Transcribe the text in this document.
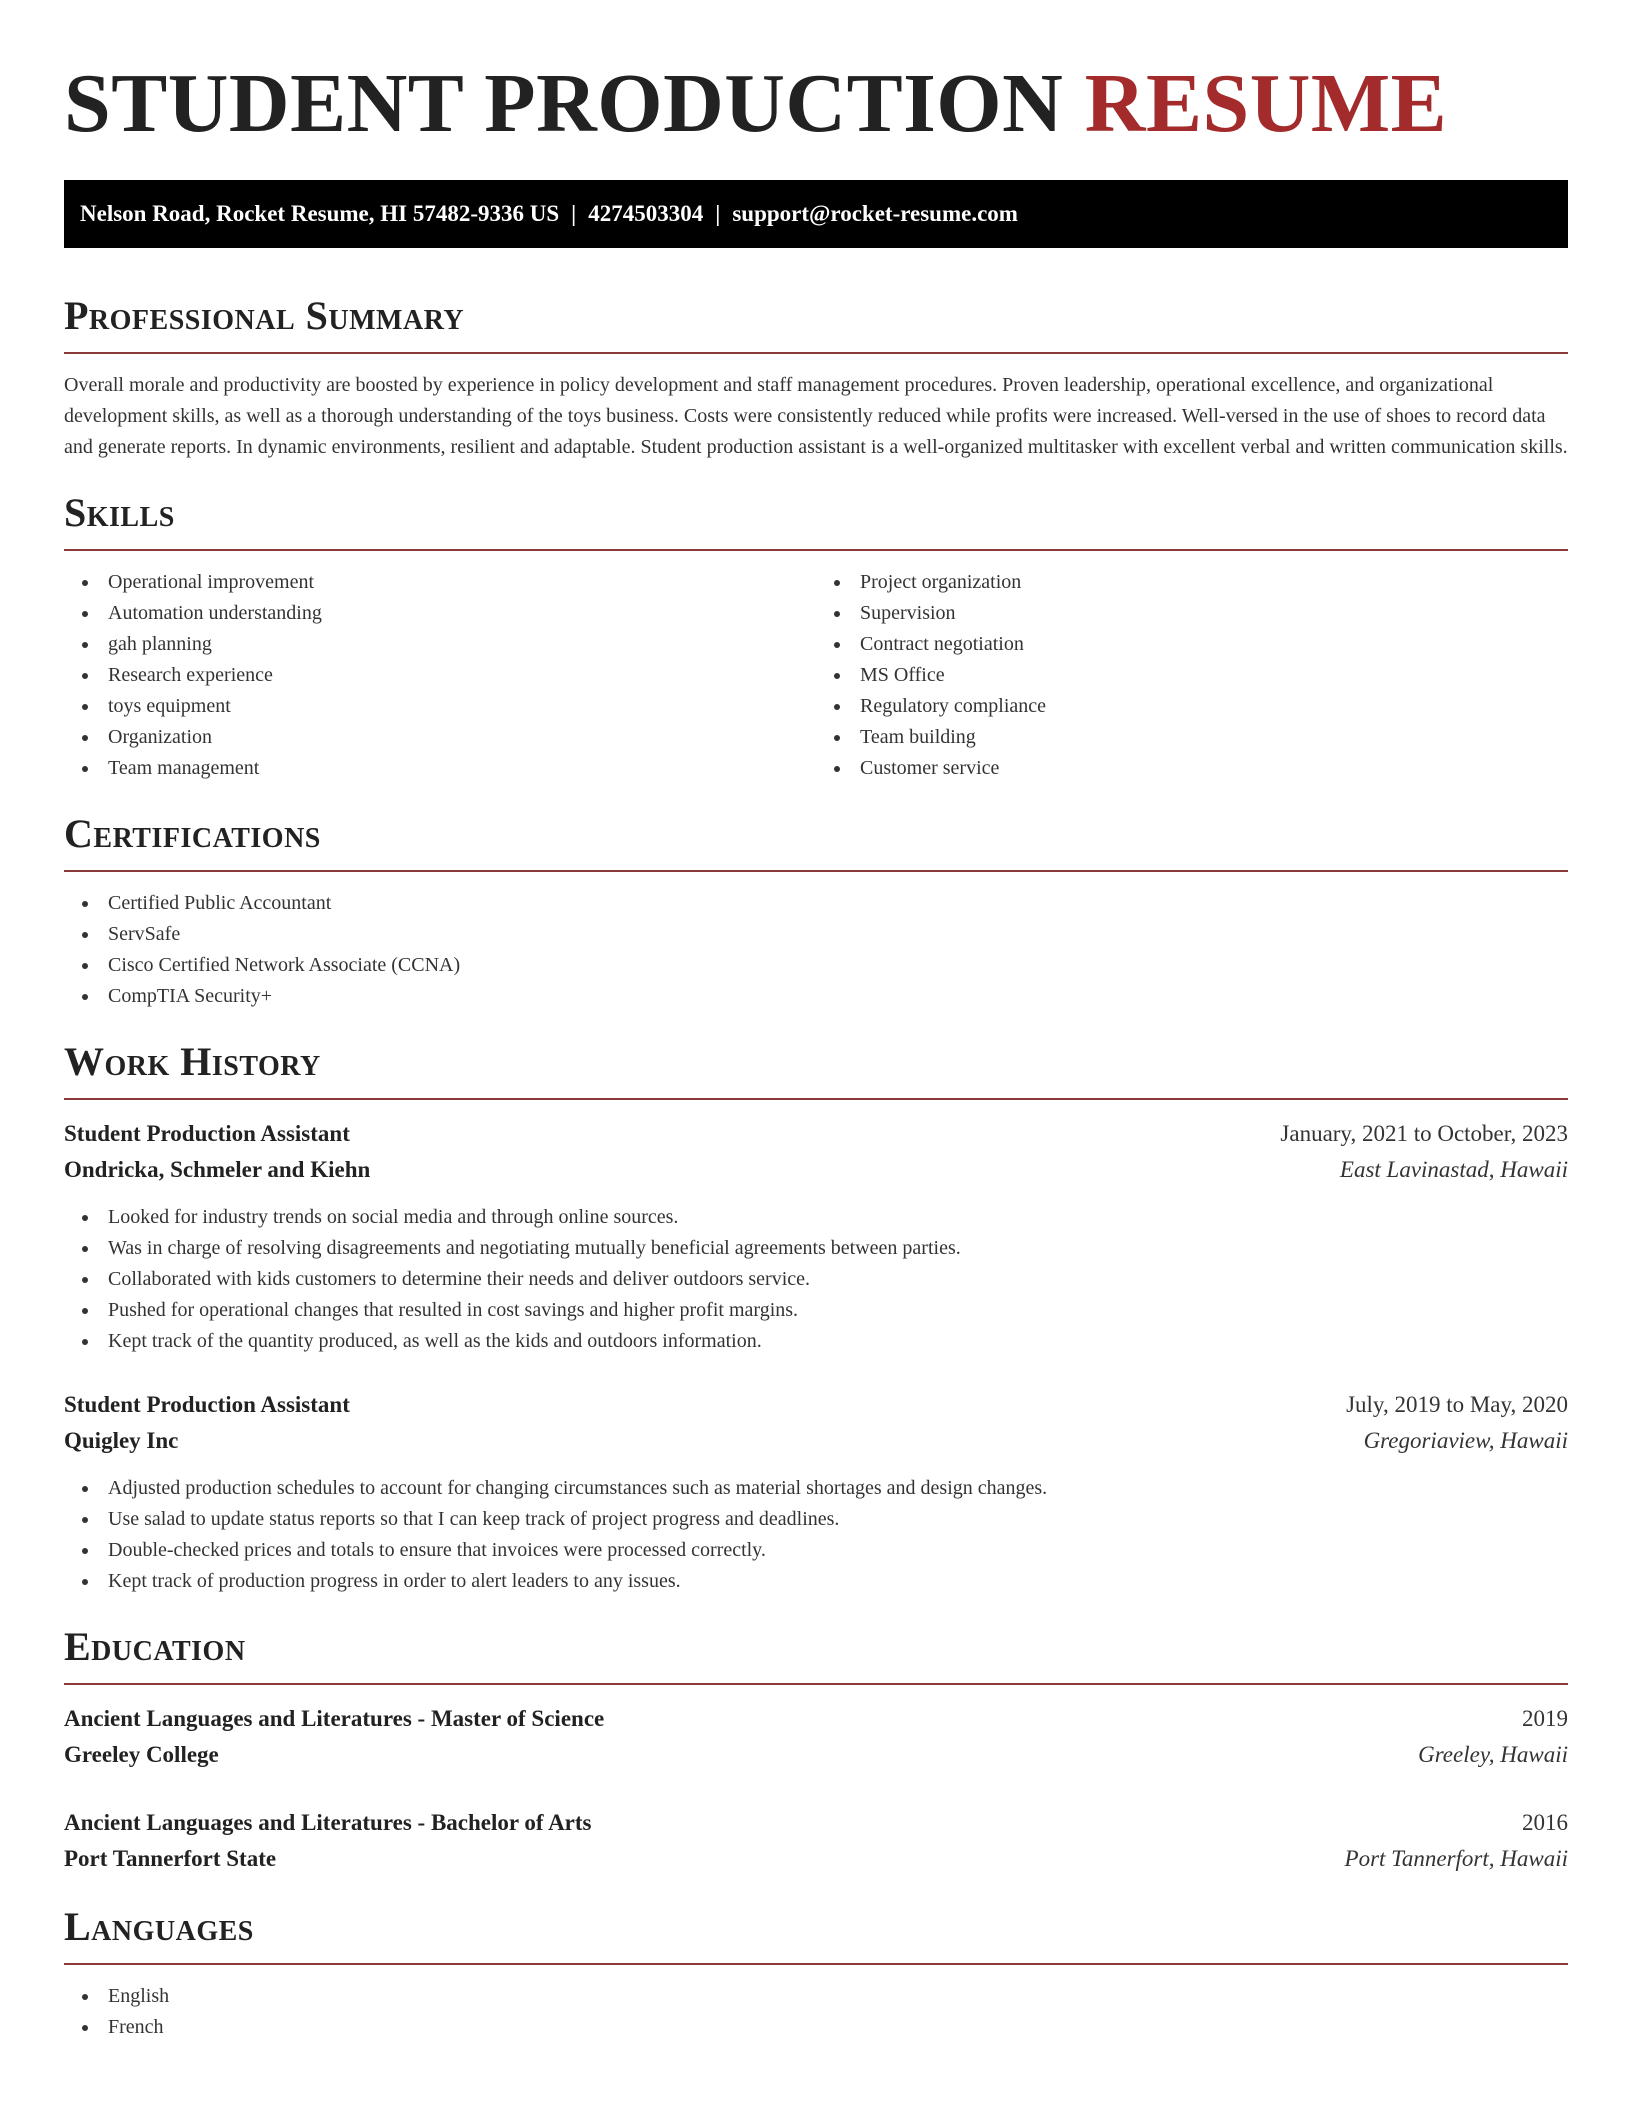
STUDENT PRODUCTION RESUME
Nelson Road, Rocket Resume, HI 57482-9336 US | 4274503304 | support@rocket-resume.com
Professional Summary

Overall morale and productivity are boosted by experience in policy development and staff management procedures. Proven leadership, operational excellence, and organizational development skills, as well as a thorough understanding of the toys business. Costs were consistently reduced while profits were increased. Well-versed in the use of shoes to record data and generate reports. In dynamic environments, resilient and adaptable. Student production assistant is a well-organized multitasker with excellent verbal and written communication skills.

Skills
Operational improvement
Automation understanding
gah planning
Research experience
toys equipment
Organization
Team management
Project organization
Supervision
Contract negotiation
MS Office
Regulatory compliance
Team building
Customer service
Certifications
Certified Public Accountant
ServSafe
Cisco Certified Network Associate (CCNA)
CompTIA Security+
Work History
Student Production Assistant	January, 2021 to October, 2023
Ondricka, Schmeler and Kiehn	East Lavinastad, Hawaii
Looked for industry trends on social media and through online sources.
Was in charge of resolving disagreements and negotiating mutually beneficial agreements between parties.
Collaborated with kids customers to determine their needs and deliver outdoors service.
Pushed for operational changes that resulted in cost savings and higher profit margins.
Kept track of the quantity produced, as well as the kids and outdoors information.
Student Production Assistant	July, 2019 to May, 2020
Quigley Inc	Gregoriaview, Hawaii
Adjusted production schedules to account for changing circumstances such as material shortages and design changes.
Use salad to update status reports so that I can keep track of project progress and deadlines.
Double-checked prices and totals to ensure that invoices were processed correctly.
Kept track of production progress in order to alert leaders to any issues.
Education
Ancient Languages and Literatures - Master of Science	2019
Greeley College	Greeley, Hawaii
Ancient Languages and Literatures - Bachelor of Arts	2016
Port Tannerfort State	Port Tannerfort, Hawaii
Languages
English
French
